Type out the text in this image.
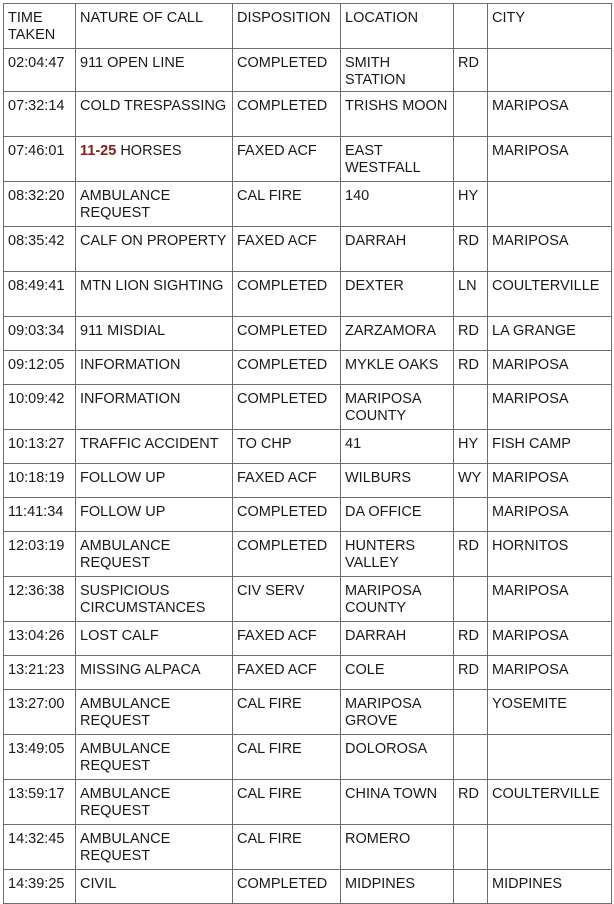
TIME TAKEN	NATURE OF CALL	DISPOSITION	LOCATION		CITY
02:04:47	911 OPEN LINE	COMPLETED	SMITH STATION	RD	
07:32:14	COLD TRESPASSING	COMPLETED	TRISHS MOON		MARIPOSA
07:46:01	11-25 HORSES	FAXED ACF	EAST WESTFALL		MARIPOSA
08:32:20	AMBULANCE REQUEST	CAL FIRE	140	HY	
08:35:42	CALF ON PROPERTY	FAXED ACF	DARRAH	RD	MARIPOSA
08:49:41	MTN LION SIGHTING	COMPLETED	DEXTER	LN	COULTERVILLE
09:03:34	911 MISDIAL	COMPLETED	ZARZAMORA	RD	LA GRANGE
09:12:05	INFORMATION	COMPLETED	MYKLE OAKS	RD	MARIPOSA
10:09:42	INFORMATION	COMPLETED	MARIPOSA COUNTY		MARIPOSA
10:13:27	TRAFFIC ACCIDENT	TO CHP	41	HY	FISH CAMP
10:18:19	FOLLOW UP	FAXED ACF	WILBURS	WY	MARIPOSA
11:41:34	FOLLOW UP	COMPLETED	DA OFFICE		MARIPOSA
12:03:19	AMBULANCE REQUEST	COMPLETED	HUNTERS VALLEY	RD	HORNITOS
12:36:38	SUSPICIOUS CIRCUMSTANCES	CIV SERV	MARIPOSA COUNTY		MARIPOSA
13:04:26	LOST CALF	FAXED ACF	DARRAH	RD	MARIPOSA
13:21:23	MISSING ALPACA	FAXED ACF	COLE	RD	MARIPOSA
13:27:00	AMBULANCE REQUEST	CAL FIRE	MARIPOSA GROVE		YOSEMITE
13:49:05	AMBULANCE REQUEST	CAL FIRE	DOLOROSA		
13:59:17	AMBULANCE REQUEST	CAL FIRE	CHINA TOWN	RD	COULTERVILLE
14:32:45	AMBULANCE REQUEST	CAL FIRE	ROMERO		
14:39:25	CIVIL	COMPLETED	MIDPINES		MIDPINES
